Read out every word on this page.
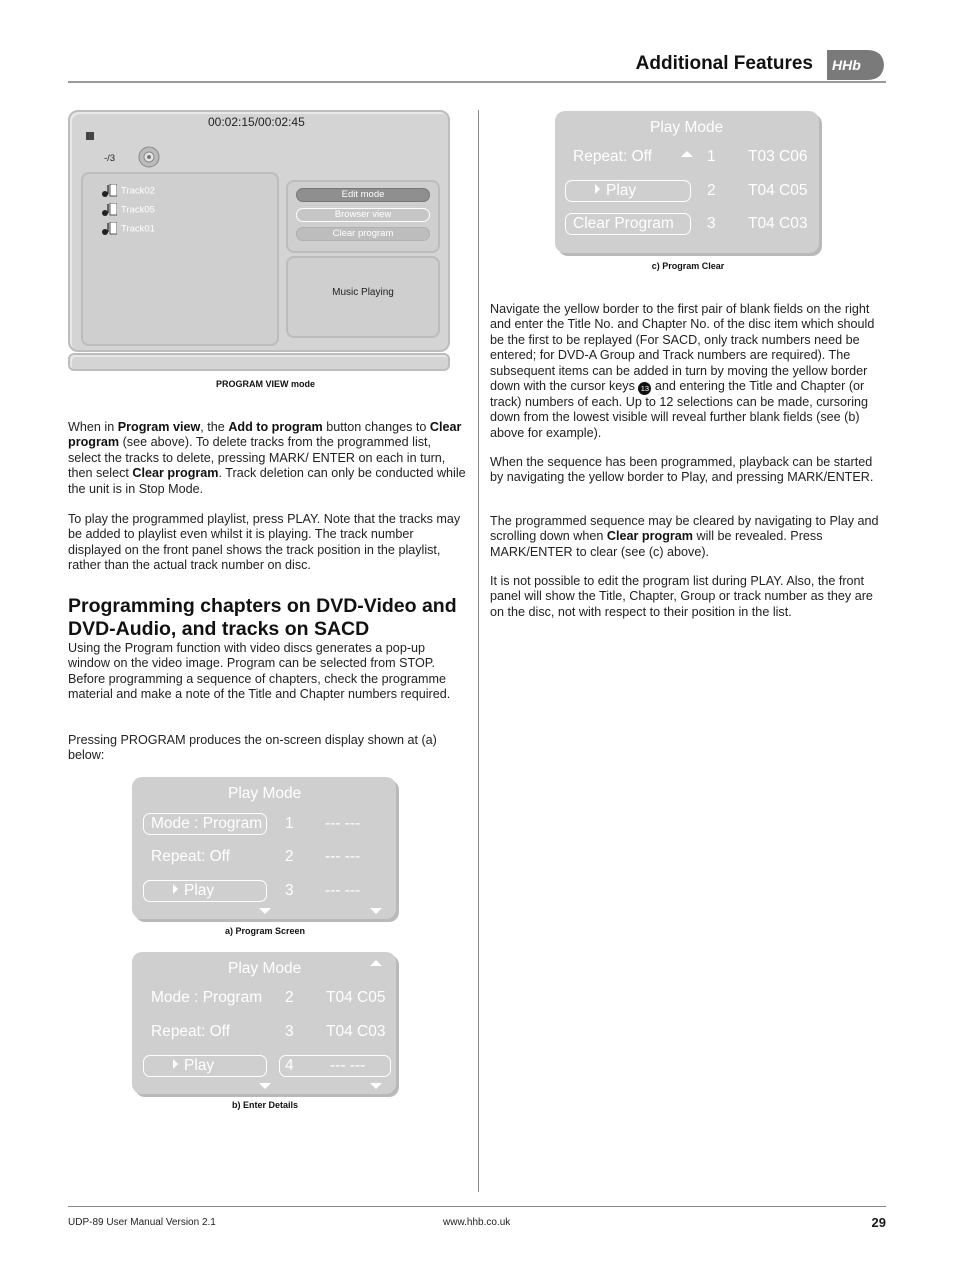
Additional Features HHb
00:02:15/00:02:45
-/3
Track02
Track05
Track01
Edit mode
Browser view
Clear program
Music Playing
PROGRAM VIEW mode
When in Program view, the Add to program button changes to Clear program (see above). To delete tracks from the programmed list, select the tracks to delete, pressing MARK/ ENTER on each in turn, then select Clear program. Track deletion can only be conducted while the unit is in Stop Mode.
To play the programmed playlist, press PLAY. Note that the tracks may be added to playlist even whilst it is playing. The track number displayed on the front panel shows the track position in the playlist, rather than the actual track number on disc.
Programming chapters on DVD-Video and DVD-Audio, and tracks on SACD
Using the Program function with video discs generates a pop-up window on the video image. Program can be selected from STOP. Before programming a sequence of chapters, check the programme material and make a note of the Title and Chapter numbers required.
Pressing PROGRAM produces the on-screen display shown at (a) below:
Play Mode
Mode : Program 1 --- ---
Repeat: Off	2 --- ---
Play	3 --- ---
a) Program Screen
Play Mode
Mode : Program 2 T04 C05
Repeat: Off	3 T04 C03
Play	4 --- ---
b) Enter Details
Play Mode
Repeat: Off	1 T03 C06
Play	2 T04 C05
Clear Program 3 T04 C03
c) Program Clear
Navigate the yellow border to the first pair of blank fields on the right and enter the Title No. and Chapter No. of the disc item which should be the first to be replayed (For SACD, only track numbers need be entered; for DVD-A Group and Track numbers are required). The subsequent items can be added in turn by moving the yellow border down with the cursor keys 13 and entering the Title and Chapter (or track) numbers of each. Up to 12 selections can be made, cursoring down from the lowest visible will reveal further blank fields (see (b) above for example).
When the sequence has been programmed, playback can be started by navigating the yellow border to Play, and pressing MARK/ENTER.
The programmed sequence may be cleared by navigating to Play and scrolling down when Clear program will be revealed. Press MARK/ENTER to clear (see (c) above).
It is not possible to edit the program list during PLAY. Also, the front panel will show the Title, Chapter, Group or track number as they are on the disc, not with respect to their position in the list.
UDP-89 User Manual Version 2.1	www.hhb.co.uk	29
